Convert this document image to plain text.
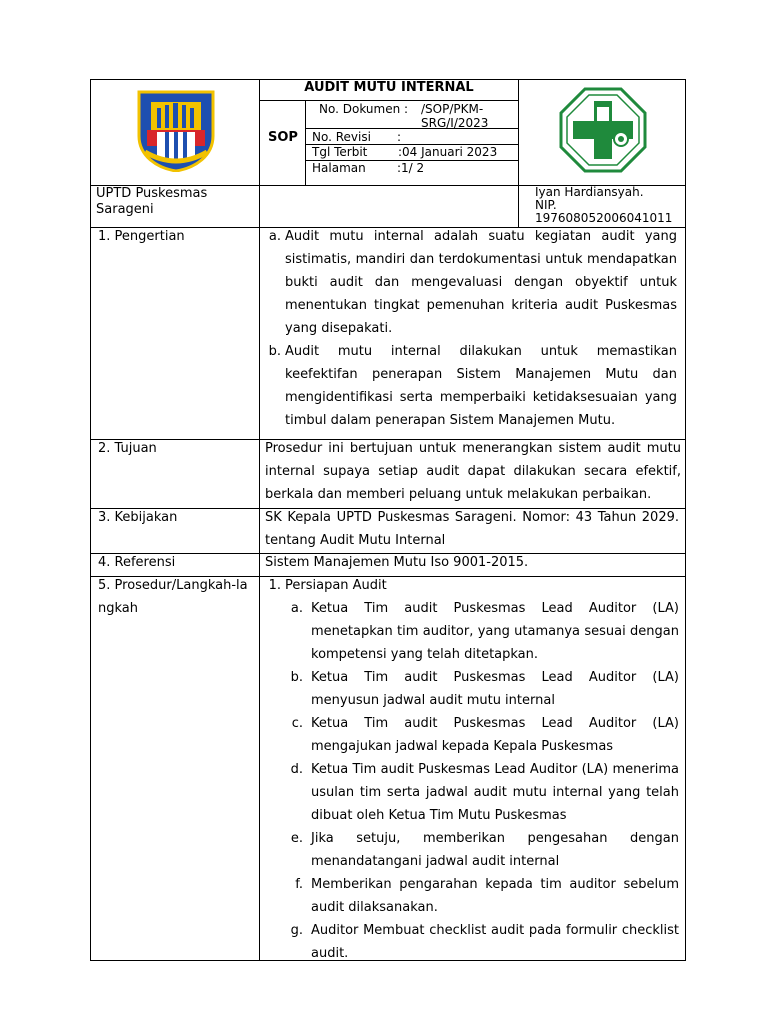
AUDIT MUTU INTERNAL
SOP
No. Dokumen : /SOP/PKM-SRG/I/2023
No. Revisi :
Tgl Terbit	:04 Januari 2023
Halaman	:1/ 2
UPTD Puskesmas Sarageni
Iyan Hardiansyah.
NIP.
197608052006041011
1. Pengertian
2. Tujuan
3. Kebijakan
4. Referensi
5. Prosedur/Langkah-langkah
a. Audit mutu internal adalah suatu kegiatan audit yang sistimatis, mandiri dan terdokumentasi untuk mendapatkan bukti audit dan mengevaluasi dengan obyektif untuk menentukan tingkat pemenuhan kriteria audit Puskesmas yang disepakati.
b. Audit mutu internal dilakukan untuk memastikan keefektifan penerapan Sistem Manajemen Mutu dan mengidentifikasi serta memperbaiki ketidaksesuaian yang timbul dalam penerapan Sistem Manajemen Mutu.
Prosedur ini bertujuan untuk menerangkan sistem audit mutu internal supaya setiap audit dapat dilakukan secara efektif, berkala dan memberi peluang untuk melakukan perbaikan.
SK Kepala UPTD Puskesmas Sarageni. Nomor: 43 Tahun 2029. tentang Audit Mutu Internal
Sistem Manajemen Mutu Iso 9001-2015.
1. Persiapan Audit
a. Ketua Tim audit Puskesmas Lead Auditor (LA) menetapkan tim auditor, yang utamanya sesuai dengan kompetensi yang telah ditetapkan.
b. Ketua Tim audit Puskesmas Lead Auditor (LA) menyusun jadwal audit mutu internal
c. Ketua Tim audit Puskesmas Lead Auditor (LA) mengajukan jadwal kepada Kepala Puskesmas
d. Ketua Tim audit Puskesmas Lead Auditor (LA) menerima usulan tim serta jadwal audit mutu internal yang telah dibuat oleh Ketua Tim Mutu Puskesmas
e. Jika setuju, memberikan pengesahan dengan menandatangani jadwal audit internal
f. Memberikan pengarahan kepada tim auditor sebelum audit dilaksanakan.
g. Auditor Membuat checklist audit pada formulir checklist audit.
